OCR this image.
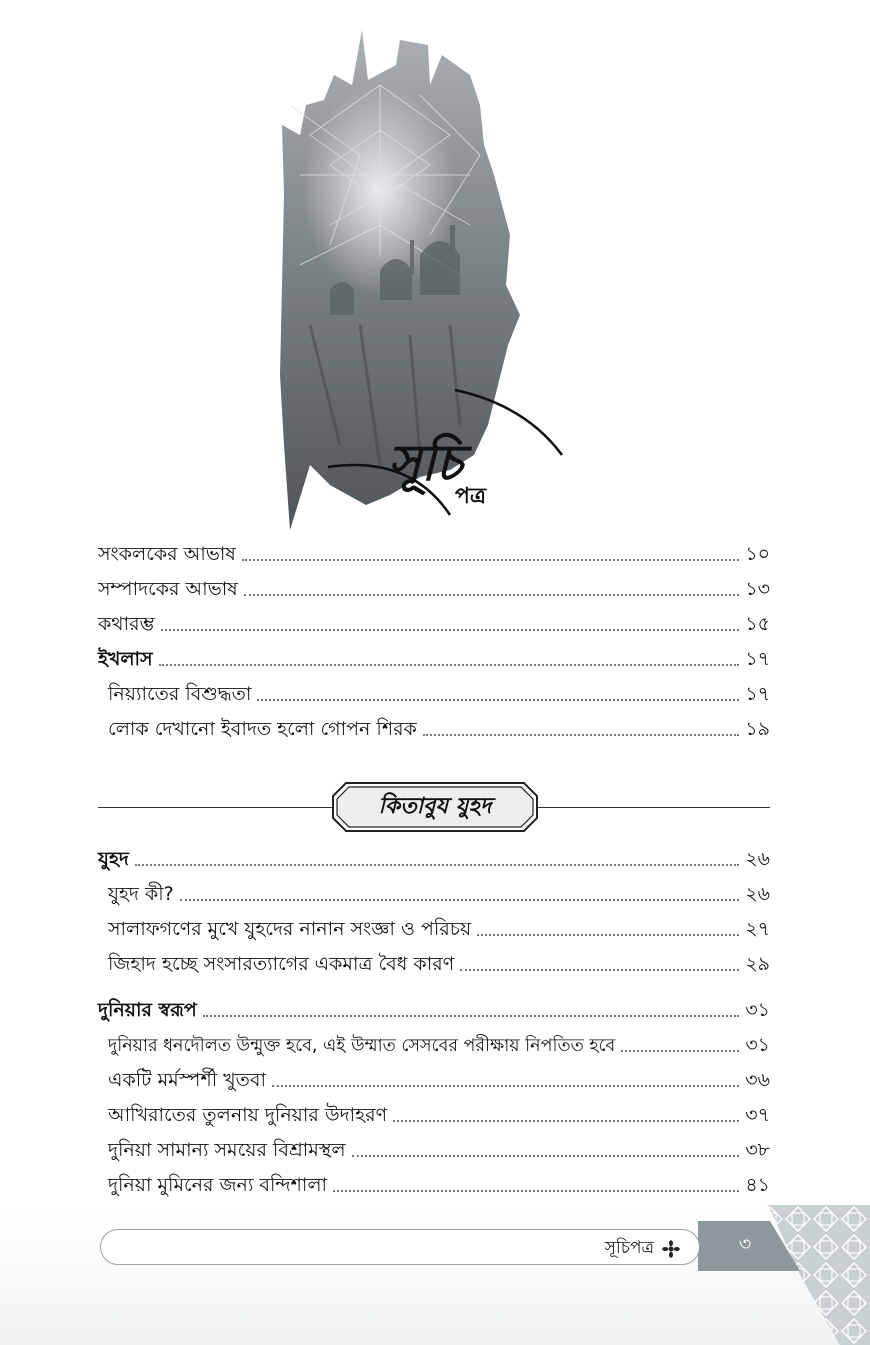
সূচি
পত্র
সংকলকের আভাষ	১০
সম্পাদকের আভাষ	১৩
কথারম্ভ	১৫
ইখলাস	১৭
নিয়্যাতের বিশুদ্ধতা	১৭
লোক দেখানো ইবাদত হলো গোপন শিরক	১৯
কিতাবুয যুহদ
যুহদ	২৬
যুহদ কী?	২৬
সালাফগণের মুখে যুহদের নানান সংজ্ঞা ও পরিচয়	২৭
জিহাদ হচ্ছে সংসারত্যাগের একমাত্র বৈধ কারণ	২৯
দুনিয়ার স্বরূপ	৩১
দুনিয়ার ধনদৌলত উন্মুক্ত হবে, এই উম্মাত সেসবের পরীক্ষায় নিপতিত হবে	৩১
একটি মর্মস্পর্শী খুতবা	৩৬
আখিরাতের তুলনায় দুনিয়ার উদাহরণ	৩৭
দুনিয়া সামান্য সময়ের বিশ্রামস্থল	৩৮
দুনিয়া মুমিনের জন্য বন্দিশালা	৪১
সূচিপত্র	৩
